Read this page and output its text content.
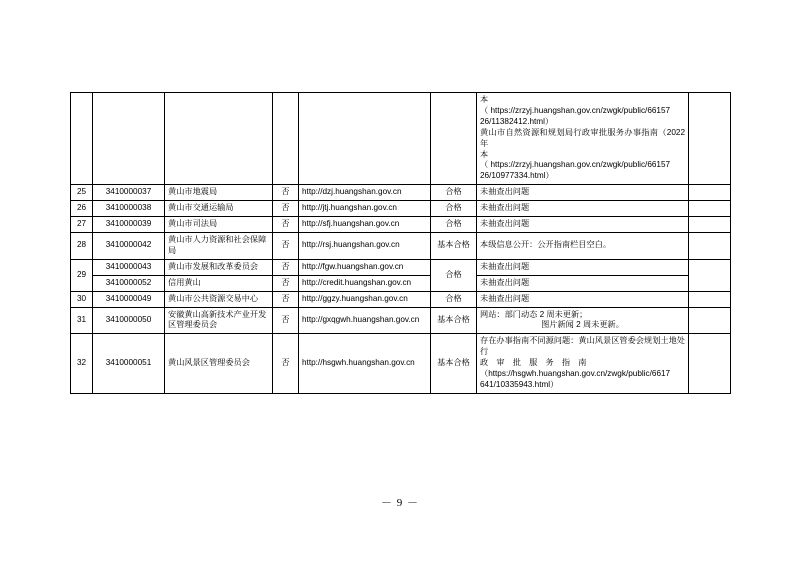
本
（ https://zrzyj.huangshan.gov.cn/zwgk/public/66157
26/11382412.html）
黄山市自然资源和规划局行政审批服务办事指南（2022 年
本
（ https://zrzyj.huangshan.gov.cn/zwgk/public/66157
26/10977334.html）

25	3410000037	黄山市地震局	否	http://dzj.huangshan.gov.cn	合格	未抽查出问题	
26	3410000038	黄山市交通运输局	否	http://jtj.huangshan.gov.cn	合格	未抽查出问题	
27	3410000039	黄山市司法局	否	http://sfj.huangshan.gov.cn	合格	未抽查出问题	
28	3410000042	黄山市人力资源和社会保障局	否	http://rsj.huangshan.gov.cn	基本合格	本级信息公开：公开指南栏目空白。	
29	3410000043	黄山市发展和改革委员会	否	http://fgw.huangshan.gov.cn	合格	未抽查出问题	
	3410000052	信用黄山	否	http://credit.huangshan.gov.cn		未抽查出问题	
30	3410000049	黄山市公共资源交易中心	否	http://ggzy.huangshan.gov.cn	合格	未抽查出问题	
31	3410000050	安徽黄山高新技术产业开发区管理委员会	否	http://gxqgwh.huangshan.gov.cn	基本合格	网站：部门动态 2 周未更新；
图片新闻 2 周未更新。	

32	3410000051	黄山风景区管理委员会	否	http://hsgwh.huangshan.gov.cn	基本合格	存在办事指南不同源问题：黄山风景区管委会规划土地处行
政　审　批　服　务　指　南
（https://hsgwh.huangshan.gov.cn/zwgk/public/6617
641/10335943.html）	

－ 9 －
